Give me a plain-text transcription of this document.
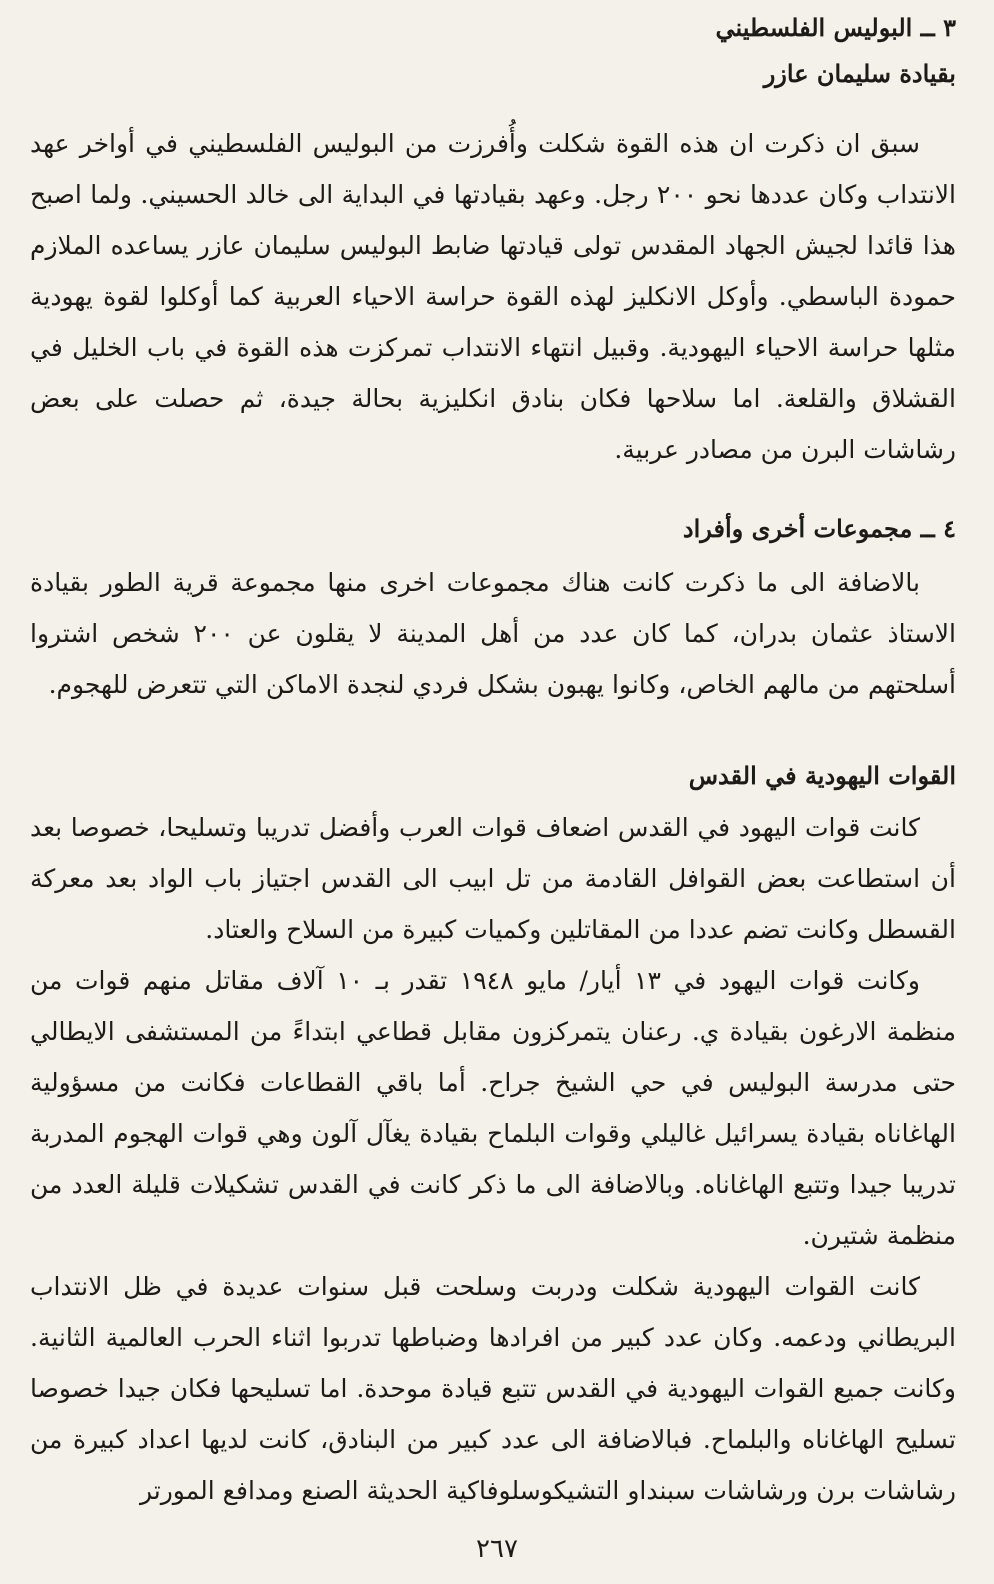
٣ ــ البوليس الفلسطيني
بقيادة سليمان عازر

سبق ان ذكرت ان هذه القوة شكلت وأُفرزت من البوليس الفلسطيني في أواخر عهد الانتداب وكان عددها نحو ٢٠٠ رجل. وعهد بقيادتها في البداية الى خالد الحسيني. ولما اصبح هذا قائدا لجيش الجهاد المقدس تولى قيادتها ضابط البوليس سليمان عازر يساعده الملازم حمودة الباسطي. وأوكل الانكليز لهذه القوة حراسة الاحياء العربية كما أوكلوا لقوة يهودية مثلها حراسة الاحياء اليهودية. وقبيل انتهاء الانتداب تمركزت هذه القوة في باب الخليل في القشلاق والقلعة. اما سلاحها فكان بنادق انكليزية بحالة جيدة، ثم حصلت على بعض رشاشات البرن من مصادر عربية.

٤ ــ مجموعات أخرى وأفراد

بالاضافة الى ما ذكرت كانت هناك مجموعات اخرى منها مجموعة قرية الطور بقيادة الاستاذ عثمان بدران، كما كان عدد من أهل المدينة لا يقلون عن ٢٠٠ شخص اشتروا أسلحتهم من مالهم الخاص، وكانوا يهبون بشكل فردي لنجدة الاماكن التي تتعرض للهجوم.

القوات اليهودية في القدس

كانت قوات اليهود في القدس اضعاف قوات العرب وأفضل تدريبا وتسليحا، خصوصا بعد أن استطاعت بعض القوافل القادمة من تل ابيب الى القدس اجتياز باب الواد بعد معركة القسطل وكانت تضم عددا من المقاتلين وكميات كبيرة من السلاح والعتاد.

وكانت قوات اليهود في ١٣ أيار/ مايو ١٩٤٨ تقدر بـ ١٠ آلاف مقاتل منهم قوات من منظمة الارغون بقيادة ي. رعنان يتمركزون مقابل قطاعي ابتداءً من المستشفى الايطالي حتى مدرسة البوليس في حي الشيخ جراح. أما باقي القطاعات فكانت من مسؤولية الهاغاناه بقيادة يسرائيل غاليلي وقوات البلماح بقيادة يغآل آلون وهي قوات الهجوم المدربة تدريبا جيدا وتتبع الهاغاناه. وبالاضافة الى ما ذكر كانت في القدس تشكيلات قليلة العدد من منظمة شتيرن.

كانت القوات اليهودية شكلت ودربت وسلحت قبل سنوات عديدة في ظل الانتداب البريطاني ودعمه. وكان عدد كبير من افرادها وضباطها تدربوا اثناء الحرب العالمية الثانية. وكانت جميع القوات اليهودية في القدس تتبع قيادة موحدة. اما تسليحها فكان جيدا خصوصا تسليح الهاغاناه والبلماح. فبالاضافة الى عدد كبير من البنادق، كانت لديها اعداد كبيرة من رشاشات برن ورشاشات سبنداو التشيكوسلوفاكية الحديثة الصنع ومدافع المورتر

٢٦٧
